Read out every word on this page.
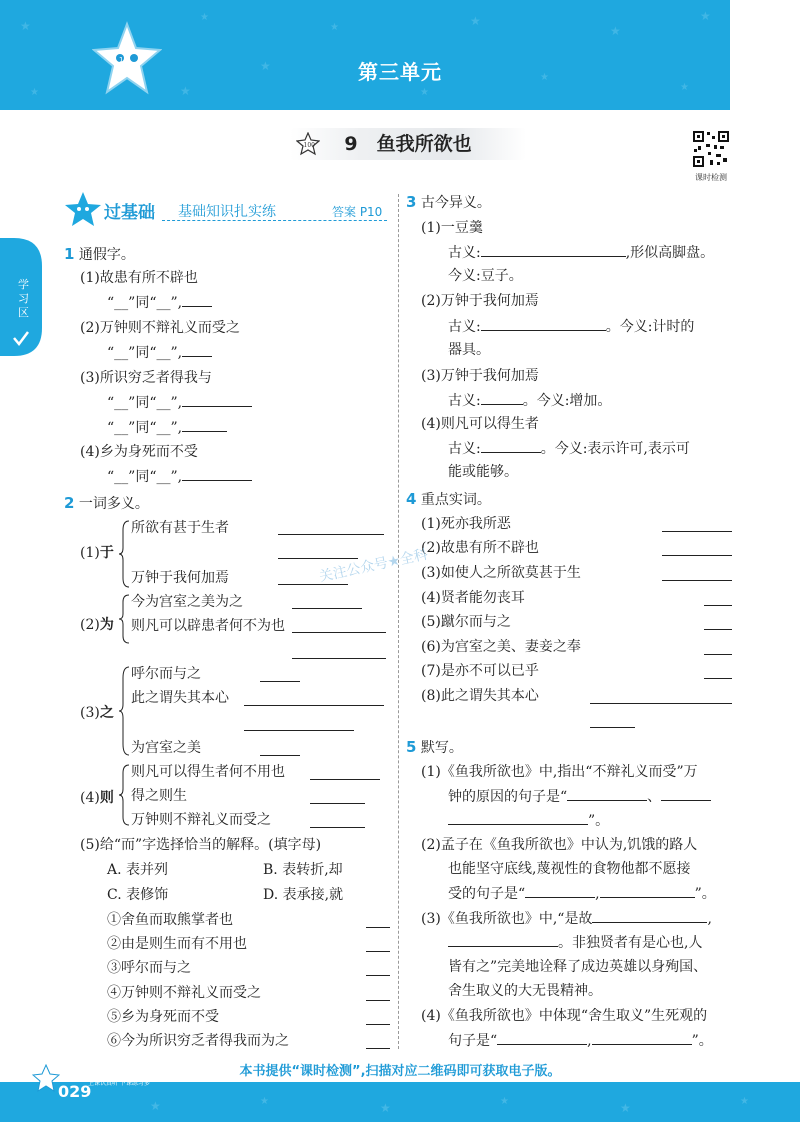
★
★
★
★	★
★
★
★
★
★
★
★
10	第三单元
100	9　鱼我所欲也
课时检测
学习区
过基础 基础知识扎实练	答案 P10
1 通假字。
(1)故患有所不辟也
“__”同“__”,
(2)万钟则不辩礼义而受之
“__”同“__”,
(3)所识穷乏者得我与
“__”同“__”,
“__”同“__”,
(4)乡为身死而不受
“__”同“__”,
2 一词多义。
(1)于
所欲有甚于生者
万钟于我何加焉
(2)为
今为宫室之美为之
则凡可以辟患者何不为也
(3)之
呼尔而与之
此之谓失其本心
为宫室之美
(4)则
则凡可以得生者何不用也
得之则生
万钟则不辩礼义而受之
(5)给“而”字选择恰当的解释。(填字母)
A. 表并列	B. 表转折,却
C. 表修饰	D. 表承接,就
①舍鱼而取熊掌者也
②由是则生而有不用也
③呼尔而与之
④万钟则不辩礼义而受之
⑤乡为身死而不受
⑥今为所识穷乏者得我而为之
3 古今异义。
(1)一豆羹
古义:	,形似高脚盘。
今义:豆子。
(2)万钟于我何加焉
古义:	。今义:计时的
器具。
(3)万钟于我何加焉
古义:	。今义:增加。
(4)则凡可以得生者
古义:	。今义:表示许可,表示可
能或能够。
4 重点实词。
(1)死亦我所恶
(2)故患有所不辟也
(3)如使人之所欲莫甚于生
(4)贤者能勿丧耳
(5)蹴尔而与之
(6)为宫室之美、妻妾之奉
(7)是亦不可以已乎
(8)此之谓失其本心
5 默写。
(1)《鱼我所欲也》中,指出“不辩礼义而受”万
钟的原因的句子是“	、
”。
(2)孟子在《鱼我所欲也》中认为,饥饿的路人
也能坚守底线,蔑视性的食物他都不愿接
受的句子是“	,	”。
(3)《鱼我所欲也》中,“是故	,
。非独贤者有是心也,人
皆有之”完美地诠释了成边英雄以身殉国、
舍生取义的大无畏精神。
(4)《鱼我所欲也》中体现“舍生取义”生死观的
句子是“	,	”。
关注公众号★全科
本书提供“课时检测”,扫描对应二维码即可获取电子版。
★	★	★	★	★	★
029
上课认真听 下课练习多
